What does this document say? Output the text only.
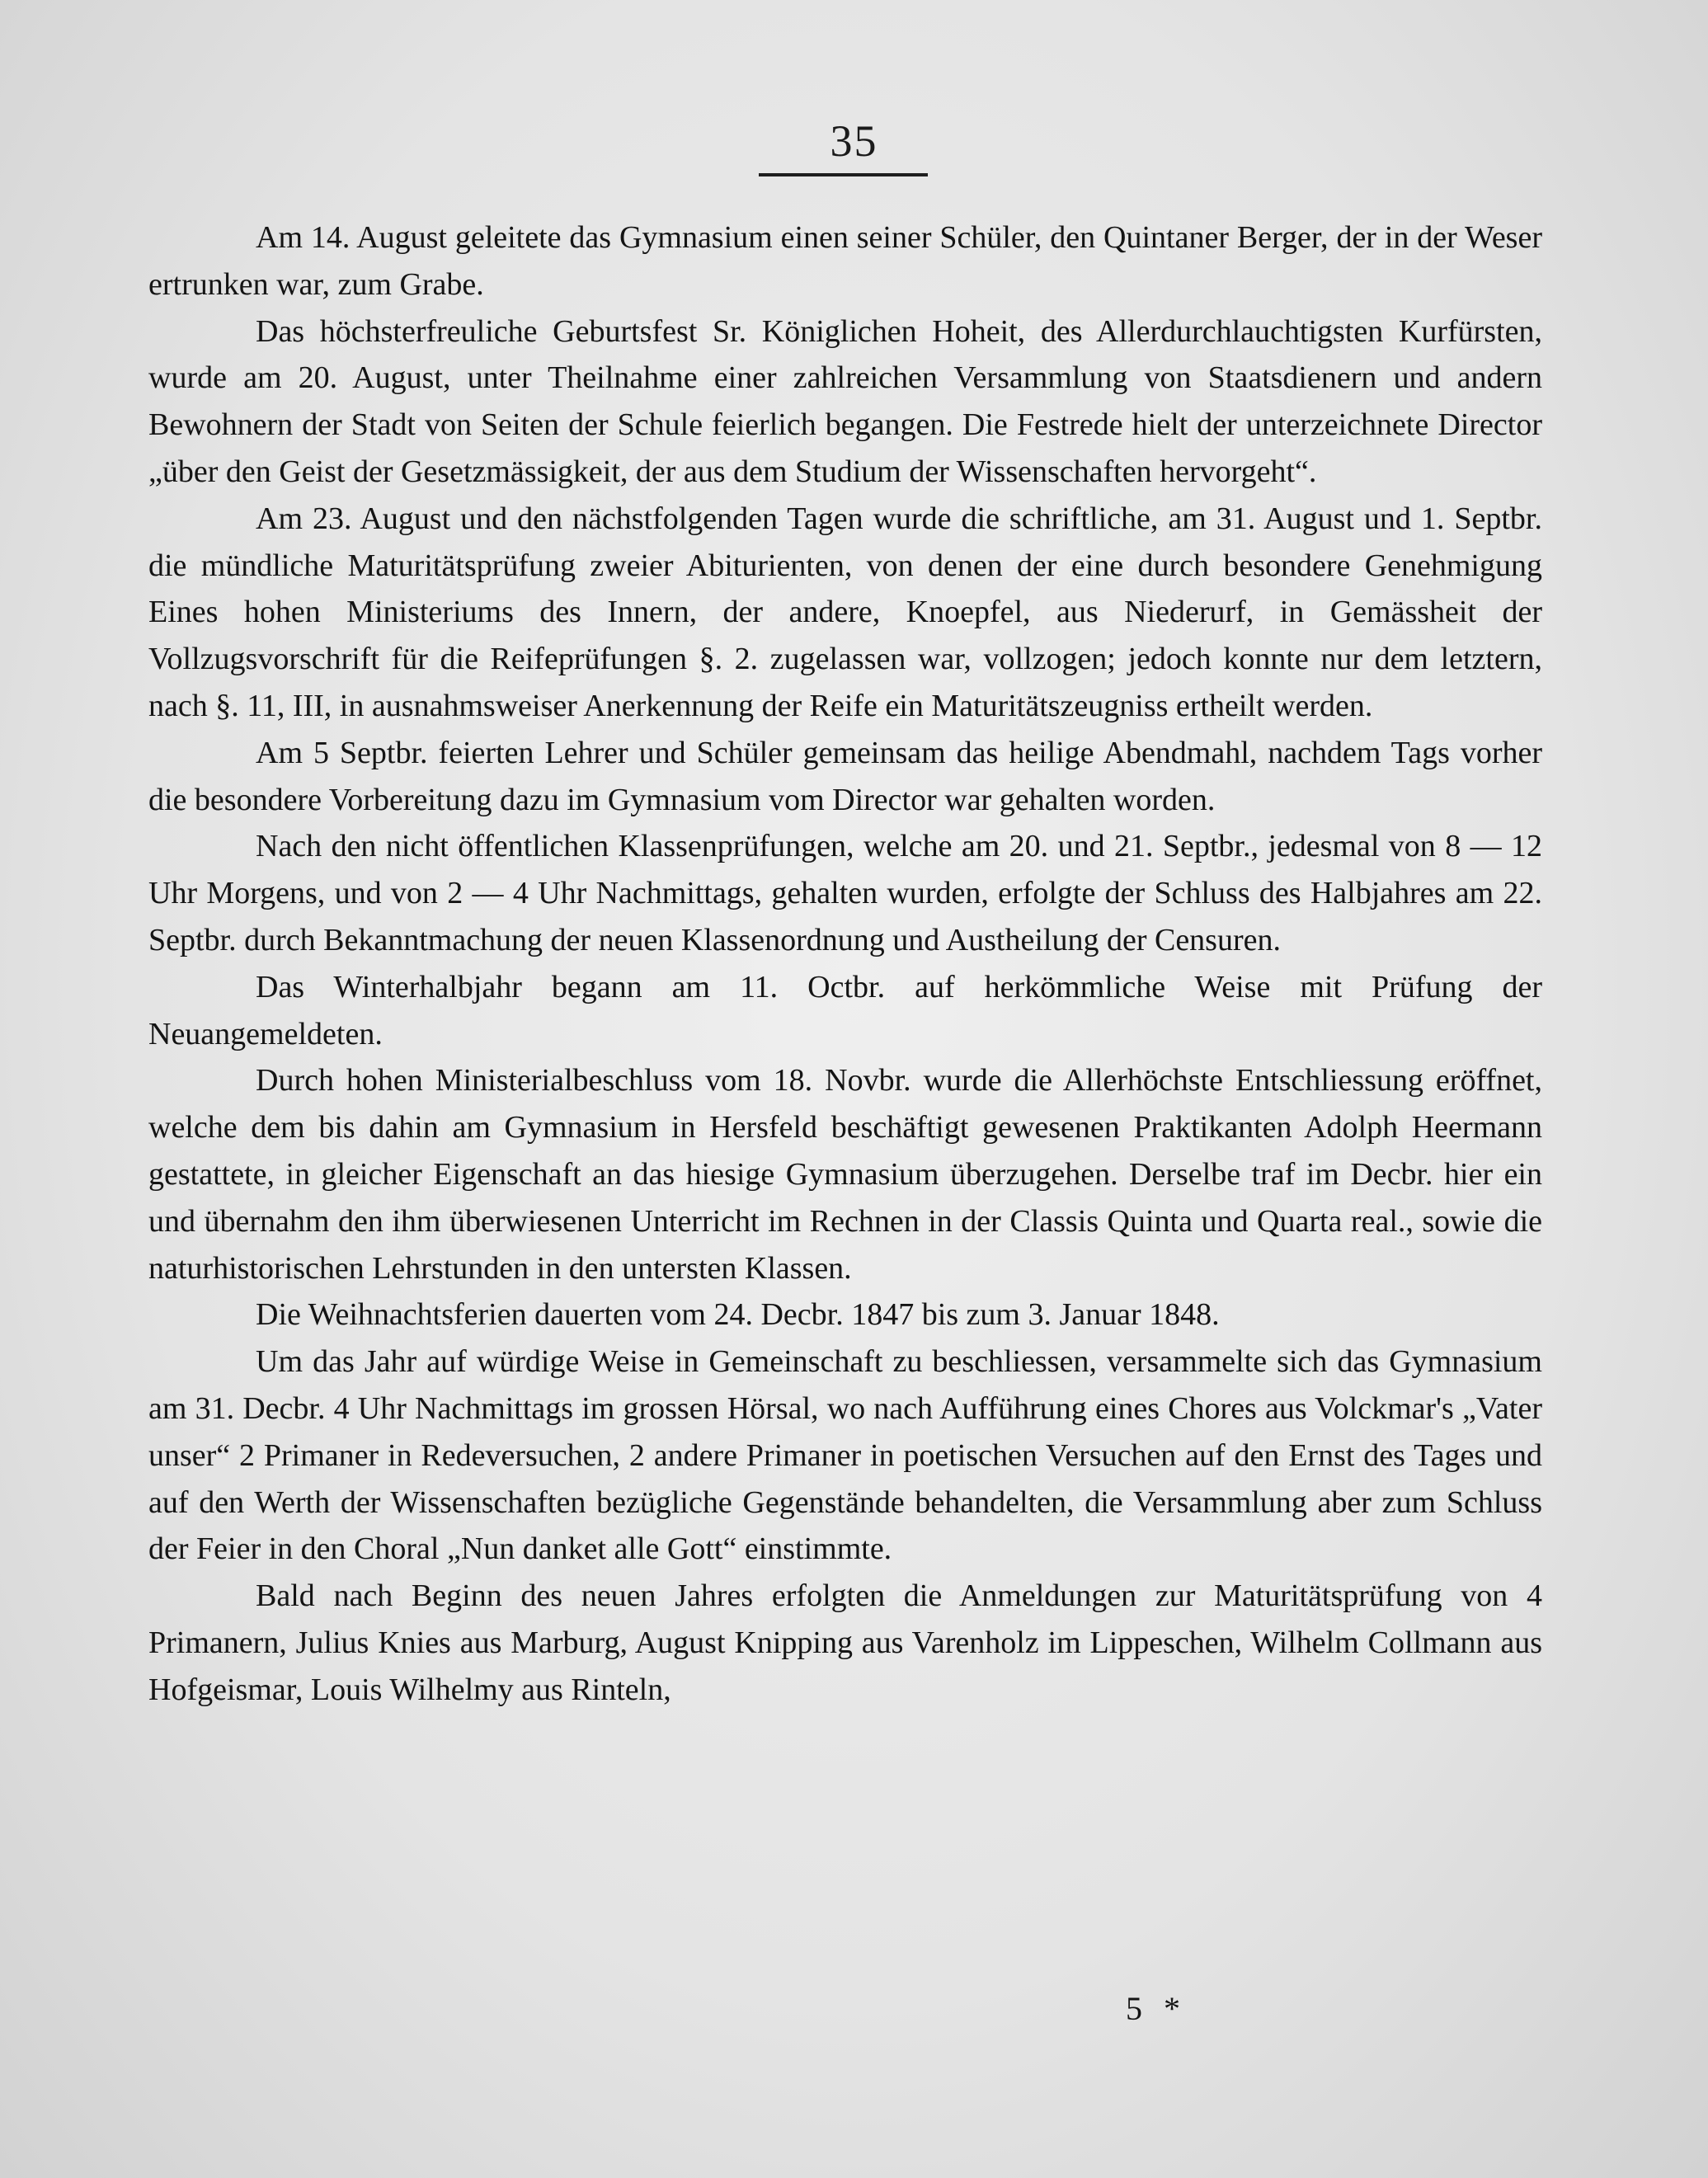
35

Am 14. August geleitete das Gymnasium einen seiner Schüler, den Quintaner Berger, der in der Weser ertrunken war, zum Grabe.

Das höchsterfreuliche Geburtsfest Sr. Königlichen Hoheit, des Allerdurchlauchtigsten Kurfürsten, wurde am 20. August, unter Theilnahme einer zahlreichen Versammlung von Staatsdienern und andern Bewohnern der Stadt von Seiten der Schule feierlich begangen. Die Festrede hielt der unterzeichnete Director „über den Geist der Gesetzmässigkeit, der aus dem Studium der Wissenschaften hervorgeht“.

Am 23. August und den nächstfolgenden Tagen wurde die schriftliche, am 31. August und 1. Septbr. die mündliche Maturitätsprüfung zweier Abiturienten, von denen der eine durch besondere Genehmigung Eines hohen Ministeriums des Innern, der andere, Knoepfel, aus Niederurf, in Gemässheit der Vollzugsvorschrift für die Reifeprüfungen §. 2. zugelassen war, vollzogen; jedoch konnte nur dem letztern, nach §. 11, III, in ausnahmsweiser Anerkennung der Reife ein Maturitätszeugniss ertheilt werden.

Am 5 Septbr. feierten Lehrer und Schüler gemeinsam das heilige Abendmahl, nachdem Tags vorher die besondere Vorbereitung dazu im Gymnasium vom Director war gehalten worden.

Nach den nicht öffentlichen Klassenprüfungen, welche am 20. und 21. Septbr., jedesmal von 8 — 12 Uhr Morgens, und von 2 — 4 Uhr Nachmittags, gehalten wurden, erfolgte der Schluss des Halbjahres am 22. Septbr. durch Bekanntmachung der neuen Klassenordnung und Austheilung der Censuren.

Das Winterhalbjahr begann am 11. Octbr. auf herkömmliche Weise mit Prüfung der Neuangemeldeten.

Durch hohen Ministerialbeschluss vom 18. Novbr. wurde die Allerhöchste Entschliessung eröffnet, welche dem bis dahin am Gymnasium in Hersfeld beschäftigt gewesenen Praktikanten Adolph Heermann gestattete, in gleicher Eigenschaft an das hiesige Gymnasium überzugehen. Derselbe traf im Decbr. hier ein und übernahm den ihm überwiesenen Unterricht im Rechnen in der Classis Quinta und Quarta real., sowie die naturhistorischen Lehrstunden in den untersten Klassen.

Die Weihnachtsferien dauerten vom 24. Decbr. 1847 bis zum 3. Januar 1848.

Um das Jahr auf würdige Weise in Gemeinschaft zu beschliessen, versammelte sich das Gymnasium am 31. Decbr. 4 Uhr Nachmittags im grossen Hörsal, wo nach Aufführung eines Chores aus Volckmar's „Vater unser“ 2 Primaner in Redeversuchen, 2 andere Primaner in poetischen Versuchen auf den Ernst des Tages und auf den Werth der Wissenschaften bezügliche Gegenstände behandelten, die Versammlung aber zum Schluss der Feier in den Choral „Nun danket alle Gott“ einstimmte.

Bald nach Beginn des neuen Jahres erfolgten die Anmeldungen zur Maturitätsprüfung von 4 Primanern, Julius Knies aus Marburg, August Knipping aus Varenholz im Lippeschen, Wilhelm Collmann aus Hofgeismar, Louis Wilhelmy aus Rinteln,

5 *
